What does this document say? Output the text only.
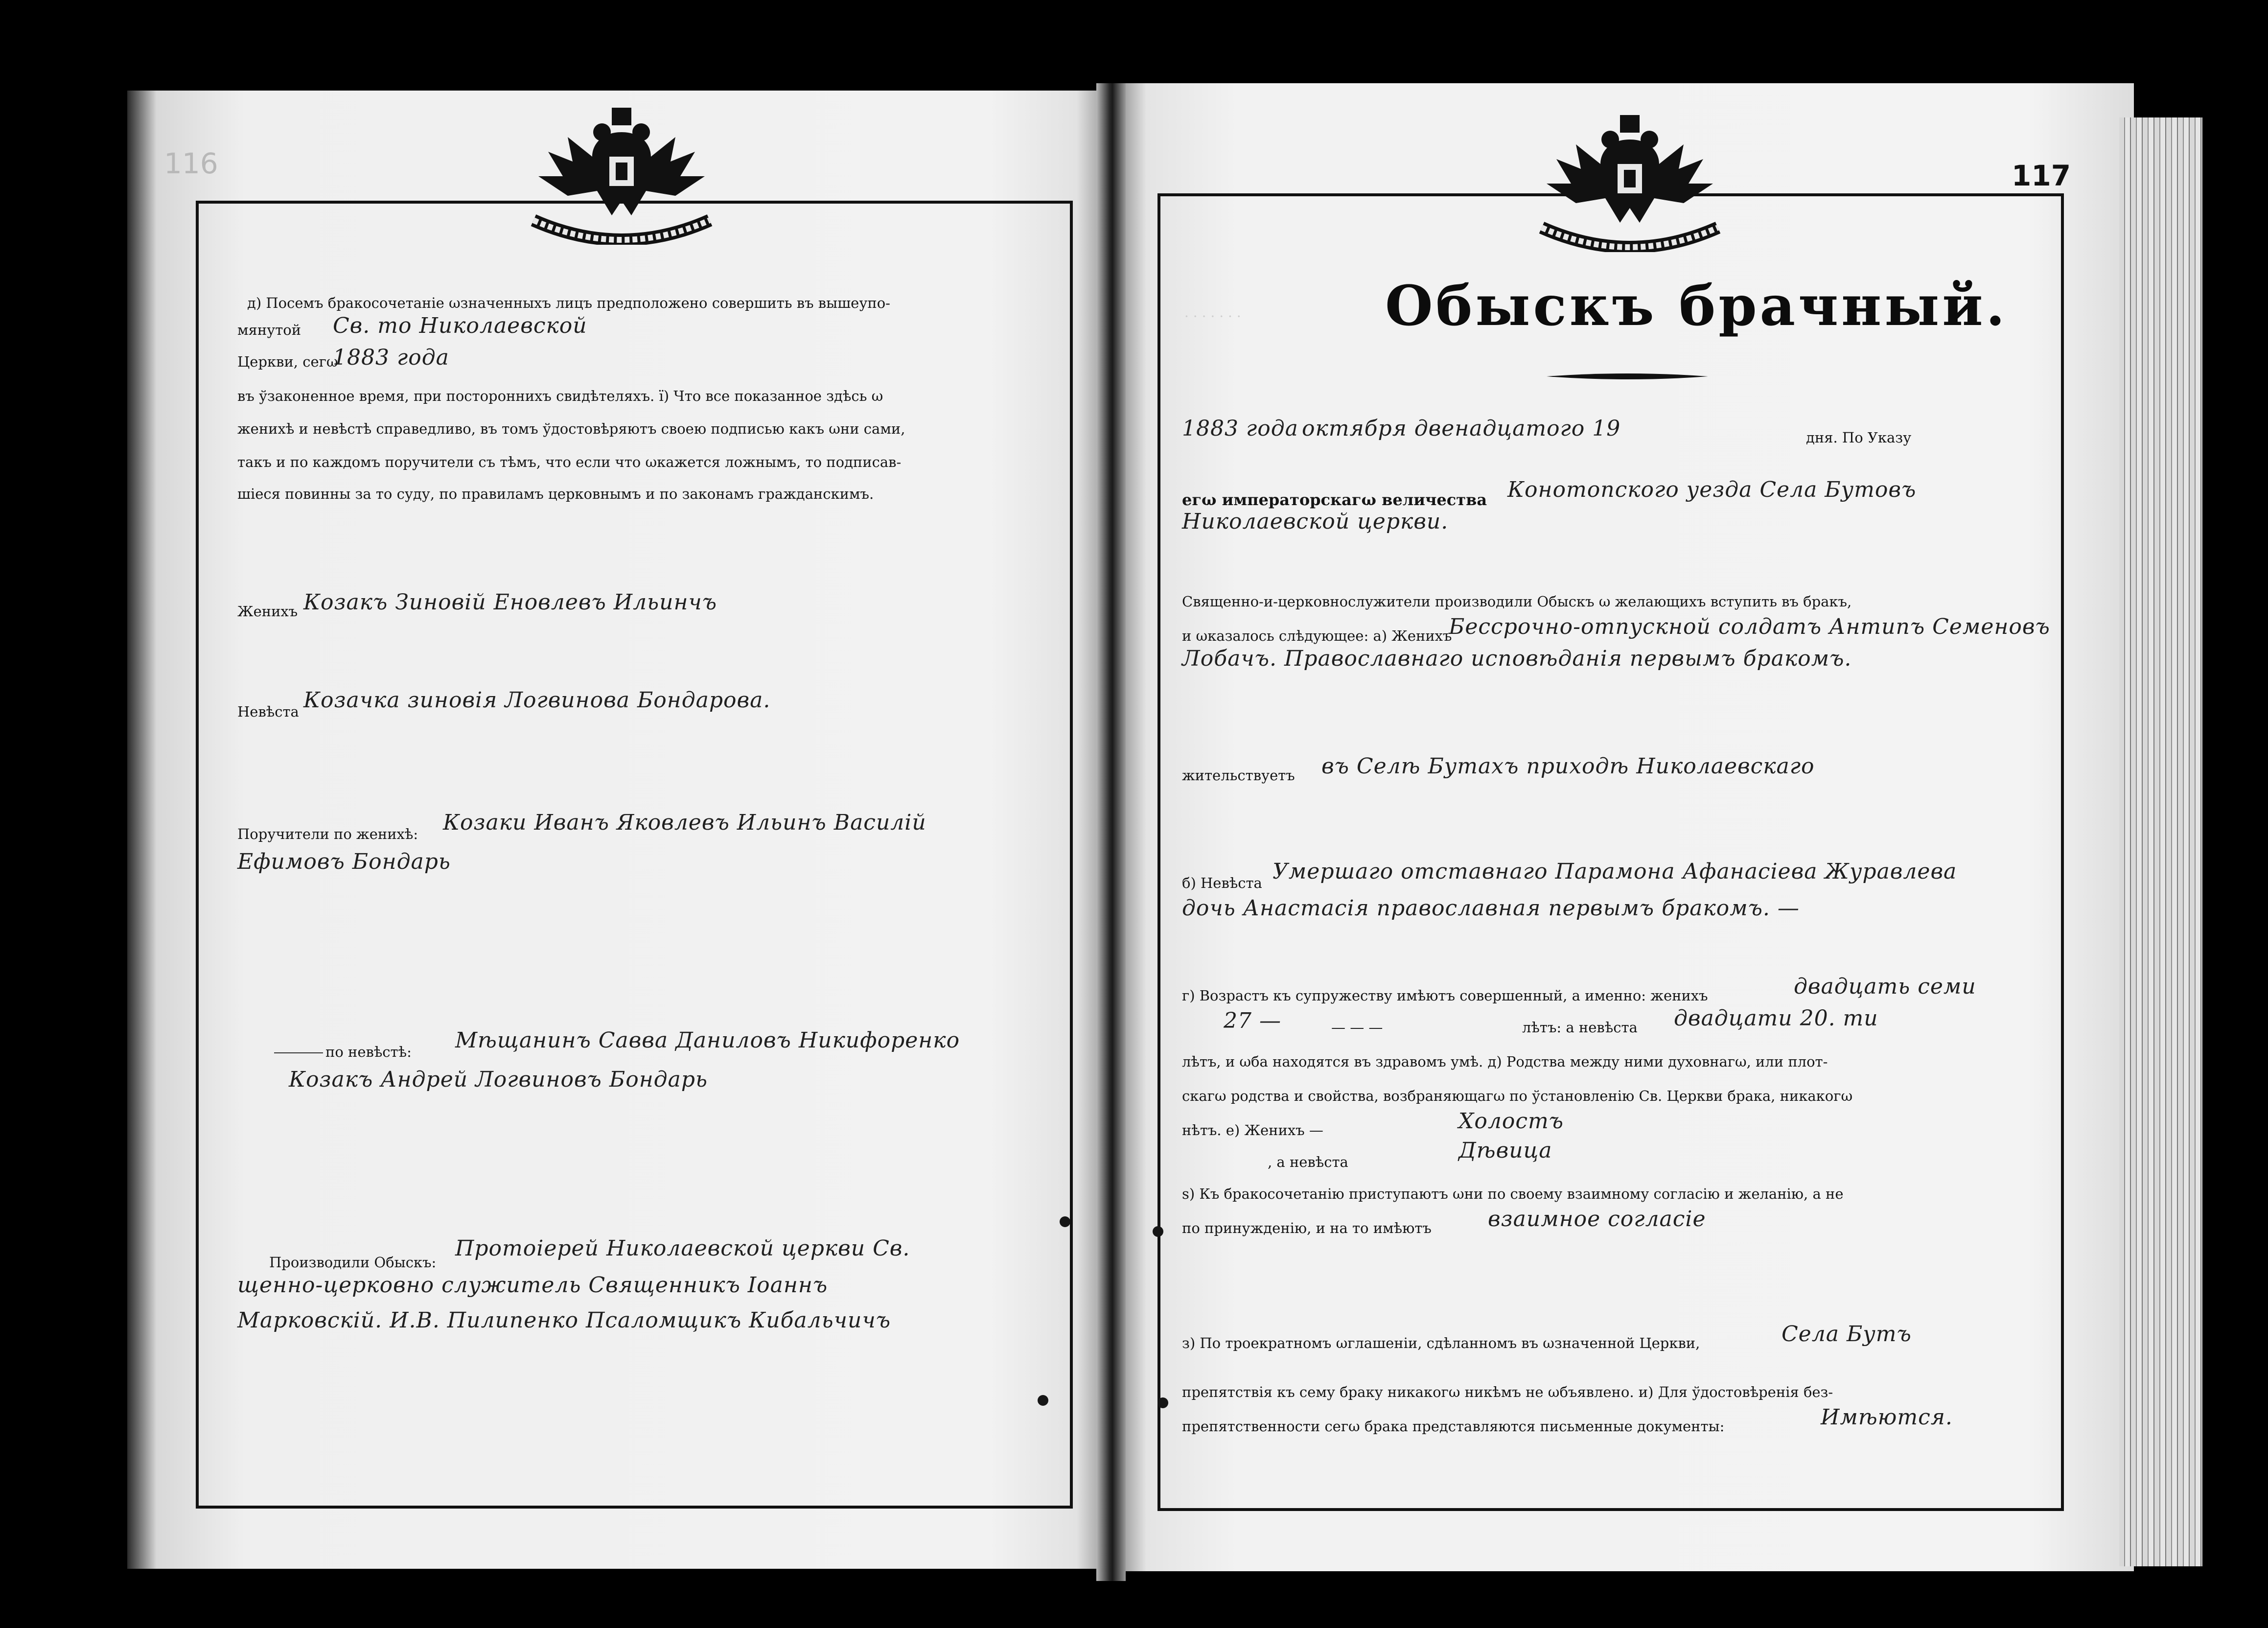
116	117
· · · · · · ·
д) Посемъ бракосочетанiе ωзначенныхъ лицъ предположено совершить въ вышеупо-
мянутой Св. то Николаевской
Церкви, сегω
1883 года
въ ўзаконенное время, при постороннихъ свидѣтеляхъ. ї) Что все показанное здѣсь ω
женихѣ и невѣстѣ справедливо, въ томъ ўдостовѣряютъ своею подписью какъ ωни сами,
такъ и по каждомъ поручители съ тѣмъ, что если что ωкажется ложнымъ, то подписав-
шiеся повинны за то суду, по правиламъ церковнымъ и по законамъ гражданскимъ.
Женихъ Козакъ Зиновiй Еновлевъ Ильинчъ
Невѣста Козачка зиновiя Логвинова Бондарова.
Поручители по женихѣ: Козаки Иванъ Яковлевъ Ильинъ Василiй
Ефимовъ Бондарь
по невѣстѣ: Мѣщанинъ Савва Даниловъ Никифоренко
Козакъ Андрей Логвиновъ Бондарь
Производили Обыскъ:
Протоiерей Николаевской церкви Св.
щенно-церковно служитель Священникъ Iоаннъ
Марковскiй. И.В. Пилипенко Псаломщикъ Кибальчичъ
Обыскъ брачный.
1883 года октября двенадцатого 19	дня. По Указу
егω императорскагω величества Конотопского уезда Села Бутовъ
Николаевской церкви.
Священно-и-церковнослужители производили Обыскъ ω желающихъ вступить въ бракъ,
и ωказалось слѣдующее: а) Женихъ
Бессрочно-отпускной солдатъ Антипъ Семеновъ
Лобачъ. Православнаго исповѣданiя первымъ бракомъ.
жительствуетъ въ Селѣ Бутахъ приходѣ Николаевскаго
б) Невѣста Умершаго отставнаго Парамона Афанасiева Журавлева
дочь Анастасiя православная первымъ бракомъ. —
г) Возрастъ къ супружеству имѣютъ совершенный, а именно: женихъ	двадцать семи
27 —	— — —	лѣтъ: а невѣста двадцати 20. ти
лѣтъ, и ωба находятся въ здравомъ умѣ. д) Родства между ними духовнагω, или плот-
скагω родства и свойства, возбраняющагω по ўстановленiю Св. Церкви брака, никакогω
нѣтъ. е) Женихъ —	Холостъ
, а невѣста	Дѣвица
ѕ) Къ бракосочетанiю приступаютъ ωни по своему взаимному согласiю и желанiю, а не
по принужденiю, и на то имѣютъ	взаимное согласiе
з) По троекратномъ ωглашенiи, сдѣланномъ въ ωзначенной Церкви,	Села Бутъ
препятствiя къ сему браку никакогω никѣмъ не ωбъявлено. и) Для ўдостовѣренiя без-
препятственности сегω брака представляются письменные документы:	Имѣются.
